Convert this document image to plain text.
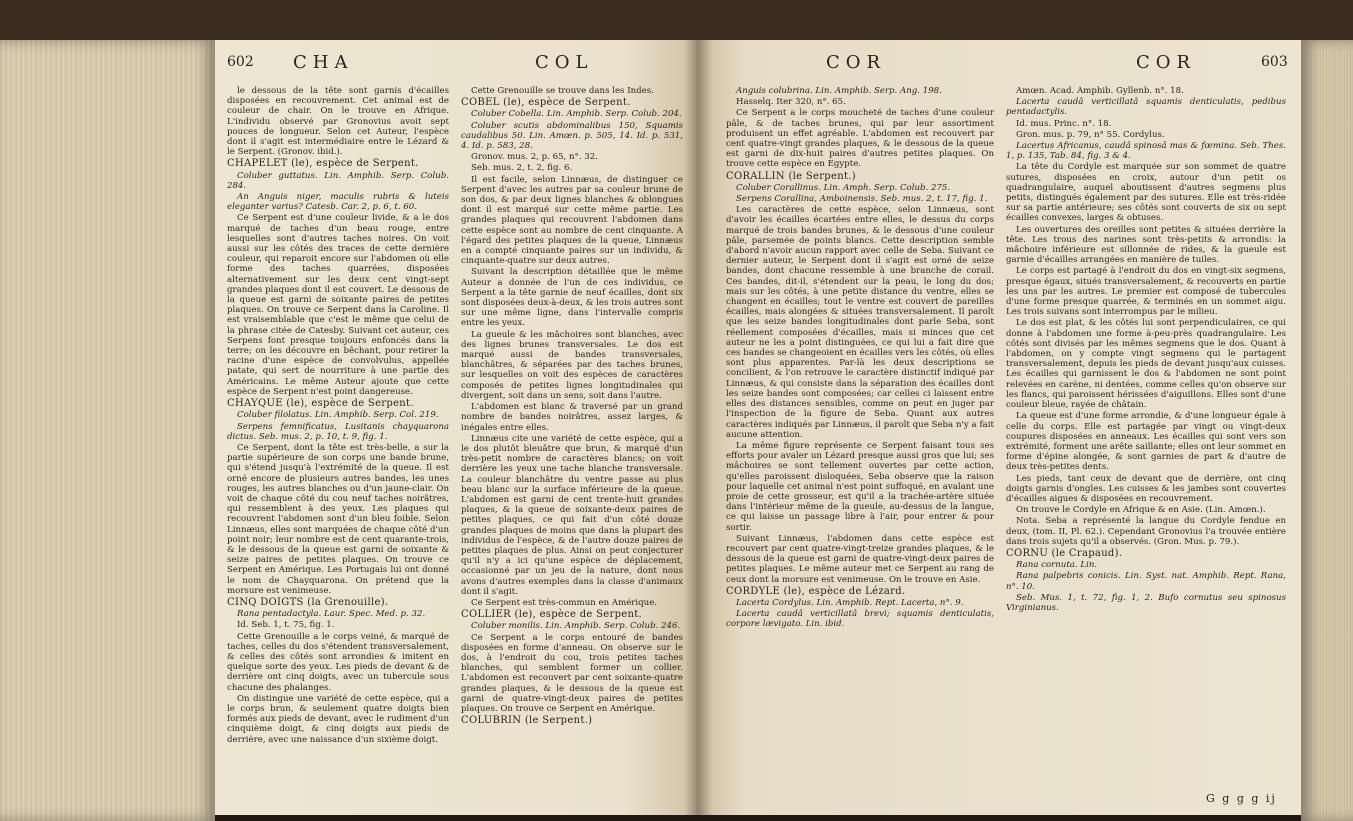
602 CHA	COL

le dessous de la tête sont garnis d'écailles disposées en recouvrement. Cet animal est de couleur de chair. On le trouve en Afrique. L'individu observé par Gronovius avoit sept pouces de longueur. Selon cet Auteur, l'espèce dont il s'agit est intermédiaire entre le Lézard & le Serpent. (Gronov. ibid.).

CHAPELET (le), espèce de Serpent.

Coluber guttatus. Lin. Amphib. Serp. Colub. 284.

An Anguis niger, maculis rubris & luteis eleganter varius? Catesb. Car. 2, p. 6, t. 60.

Ce Serpent est d'une couleur livide, & a le dos marqué de taches d'un beau rouge, entre lesquelles sont d'autres taches noires. On voit aussi sur les côtés des traces de cette dernière couleur, qui reparoit encore sur l'abdomen où elle forme des taches quarrées, disposées alternativement sur les deux cent vingt-sept grandes plaques dont il est couvert. Le dessous de la queue est garni de soixante paires de petites plaques. On trouve ce Serpent dans la Caroline. Il est vraisemblable que c'est le même que celui de la phrase citée de Catesby. Suivant cet auteur, ces Serpens font presque toujours enfoncés dans la terre; on les découvre en bêchant, pour retirer la racine d'une espèce de convolvulus, appellée patate, qui sert de nourriture à une partie des Américains. Le même Auteur ajoute que cette espèce de Serpent n'est point dangereuse.

CHAYQUE (le), espèce de Serpent.

Coluber filolatus. Lin. Amphib. Serp. Col. 219.

Serpens femnificatus, Lusitanis chayquarona dictus. Seb. mus. 2, p. 10, t. 9, fig. 1.

Ce Serpent, dont la tête est très-belle, a sur la partie supérieure de son corps une bande brune, qui s'étend jusqu'à l'extrémité de la queue. Il est orné encore de plusieurs autres bandes, les unes rouges, les autres blanches ou d'un jaune-clair. On voit de chaque côté du cou neuf taches noirâtres, qui ressemblent à des yeux. Les plaques qui recouvrent l'abdomen sont d'un bleu foible. Selon Linnæus, elles sont marquées de chaque côté d'un point noir; leur nombre est de cent quarante-trois, & le dessous de la queue est garni de soixante & seize paires de petites plaques. On trouve ce Serpent en Amérique. Les Portugais lui ont donné le nom de Chayquarona. On prétend que la morsure est venimeuse.

CINQ DOIGTS (la Grenouille).

Rana pentadactyla. Laur. Spec. Med. p. 32.

Id. Seb. 1, t. 75, fig. 1.

Cette Grenouille a le corps veiné, & marqué de taches, celles du dos s'étendent transversalement, & celles des côtés sont arrondies & imitent en quelque sorte des yeux. Les pieds de devant & de derrière ont cinq doigts, avec un tubercule sous chacune des phalanges.

On distingue une variété de cette espèce, qui a le corps brun, & seulement quatre doigts bien formés aux pieds de devant, avec le rudiment d'un cinquième doigt, & cinq doigts aux pieds de derrière, avec une naissance d'un sixième doigt.

Cette Grenouille se trouve dans les Indes.

COBEL (le), espèce de Serpent.

Coluber Cobella. Lin. Amphib. Serp. Colub. 204.

Coluber scutis abdominalibus 150, Squamis caudalibus 50. Lin. Amœn. p. 505, 14. Id. p. 531, 4. Id. p. 583, 28.

Gronov. mus. 2, p. 65, n°. 32.

Seb. mus. 2, t. 2, fig. 6.

Il est facile, selon Linnæus, de distinguer ce Serpent d'avec les autres par sa couleur brune de son dos, & par deux lignes blanches & oblongues dont il est marqué sur cette même partie. Les grandes plaques qui recouvrent l'abdomen dans cette espèce sont au nombre de cent cinquante. A l'égard des petites plaques de la queue, Linnæus en a compté cinquante paires sur un individu, & cinquante-quatre sur deux autres.

Suivant la description détaillée que le même Auteur a donnée de l'un de ces individus, ce Serpent a la tête garnie de neuf écailles, dont six sont disposées deux-à-deux, & les trois autres sont sur une même ligne, dans l'intervalle compris entre les yeux.

La gueule & les mâchoires sont blanches, avec des lignes brunes transversales. Le dos est marqué aussi de bandes transversales, blanchâtres, & séparées par des taches brunes, sur lesquelles on voit des espèces de caractères composés de petites lignes longitudinales qui divergent, soit dans un sens, soit dans l'autre.

L'abdomen est blanc & traversé par un grand nombre de bandes noirâtres, assez larges, & inégales entre elles.

Linnæus cite une variété de cette espèce, qui a le dos plutôt bleuâtre que brun, & marqué d'un très-petit nombre de caractères blancs; on voit derrière les yeux une tache blanche transversale. La couleur blanchâtre du ventre passe au plus beau blanc sur la surface inférieure de la queue. L'abdomen est garni de cent trente-huit grandes plaques, & la queue de soixante-deux paires de petites plaques, ce qui fait d'un côté douze grandes plaques de moins que dans la plupart des individus de l'espèce, & de l'autre douze paires de petites plaques de plus. Ainsi on peut conjecturer qu'il n'y a ici qu'une espèce de déplacement, occasionné par un jeu de la nature, dont nous avons d'autres exemples dans la classe d'animaux dont il s'agit.

Ce Serpent est très-commun en Amérique.

COLLIER (le), espèce de Serpent.

Coluber monilis. Lin. Amphib. Serp. Colub. 246.

Ce Serpent a le corps entouré de bandes disposées en forme d'anneau. On observe sur le dos, à l'endroit du cou, trois petites taches blanches, qui semblent former un collier. L'abdomen est recouvert par cent soixante-quatre grandes plaques, & le dessous de la queue est garni de quatre-vingt-deux paires de petites plaques. On trouve ce Serpent en Amérique.

COLUBRIN (le Serpent.)

COR	COR	603

Anguis colubrina. Lin. Amphib. Serp. Ang. 198.

Hasselq. Iter 320, n°. 65.

Ce Serpent a le corps moucheté de taches d'une couleur pâle, & de taches brunes, qui par leur assortiment produisent un effet agréable. L'abdomen est recouvert par cent quatre-vingt grandes plaques, & le dessous de la queue est garni de dix-huit paires d'autres petites plaques. On trouve cette espèce en Egypte.

CORALLIN (le Serpent.)

Coluber Corallinus. Lin. Amph. Serp. Colub. 275.

Serpens Corallina, Amboinensis. Seb. mus. 2, t. 17, fig. 1.

Les caractères de cette espèce, selon Linnæus, sont d'avoir les écailles écartées entre elles, le dessus du corps marqué de trois bandes brunes, & le dessous d'une couleur pâle, parsemée de points blancs. Cette description semble d'abord n'avoir aucun rapport avec celle de Seba. Suivant ce dernier auteur, le Serpent dont il s'agit est orné de seize bandes, dont chacune ressemble à une branche de corail. Ces bandes, dit-il, s'étendent sur la peau, le long du dos; mais sur les côtés, à une petite distance du ventre, elles se changent en écailles; tout le ventre est couvert de pareilles écailles, mais alongées & situées transversalement. Il paroît que les seize bandes longitudinales dont parle Seba, sont réellement composées d'écailles, mais si minces que cet auteur ne les a point distinguées, ce qui lui a fait dire que ces bandes se changeoient en écailles vers les côtés, où elles sont plus apparentes. Par-là les deux descriptions se concilient, & l'on retrouve le caractère distinctif indiqué par Linnæus, & qui consiste dans la séparation des écailles dont les seize bandes sont composées; car celles ci laissent entre elles des distances sensibles, comme on peut en juger par l'inspection de la figure de Seba. Quant aux autres caractères indiqués par Linnæus, il paroît que Seba n'y a fait aucune attention.

La même figure représente ce Serpent faisant tous ses efforts pour avaler un Lézard presque aussi gros que lui; ses mâchoires se sont tellement ouvertes par cette action, qu'elles paroissent disloquées, Seba observe que la raison pour laquelle cet animal n'est point suffoqué, en avalant une proie de cette grosseur, est qu'il a la trachée-artère située dans l'intérieur même de la gueule, au-dessus de la langue, ce qui laisse un passage libre à l'air, pour entrer & pour sortir.

Suivant Linnæus, l'abdomen dans cette espèce est recouvert par cent quatre-vingt-treize grandes plaques, & le dessous de la queue est garni de quatre-vingt-deux paires de petites plaques. Le même auteur met ce Serpent au rang de ceux dont la morsure est venimeuse. On le trouve en Asie.

CORDYLE (le), espèce de Lézard.

Lacerta Cordylus. Lin. Amphib. Rept. Lacerta, n°. 9.

Lacerta caudâ verticillatâ brevi; squamis denticulatis, corpore lævigato. Lin. ibid.

Amœn. Acad. Amphib. Gyllenb. n°. 18.

Lacerta caudâ verticillatâ squamis denticulatis, pedibus pentadactylis.

Id. mus. Princ. n°. 18.

Gron. mus. p. 79, n° 55. Cordylus.

Lacertus Africanus, caudâ spinosâ mas & fœmina. Seb. Thes. 1, p. 135, Tab. 84, fig. 3 & 4.

La tête du Cordyle est marquée sur son sommet de quatre sutures, disposées en croix, autour d'un petit os quadrangulaire, auquel aboutissent d'autres segmens plus petits, distingués également par des sutures. Elle est très-ridée sur sa partie antérieure; ses côtés sont couverts de six ou sept écailles convexes, larges & obtuses.

Les ouvertures des oreilles sont petites & situées derrière la tête. Les trous des narines sont très-petits & arrondis: la mâchoire inférieure est sillonnée de rides, & la gueule est garnie d'écailles arrangées en manière de tuiles.

Le corps est partagé à l'endroit du dos en vingt-six segmens, presque égaux, situés transversalement, & recouverts en partie les uns par les autres. Le premier est composé de tubercules d'une forme presque quarrée, & terminés en un sommet aigu. Les trois suivans sont interrompus par le milieu.

Le dos est plat, & les côtés lui sont perpendiculaires, ce qui donne à l'abdomen une forme à-peu-près quadrangulaire. Les côtés sont divisés par les mêmes segmens que le dos. Quant à l'abdomen, on y compte vingt segmens qui le partagent transversalement, depuis les pieds de devant jusqu'aux cuisses. Les écailles qui garnissent le dos & l'abdomen ne sont point relevées en carène, ni dentées, comme celles qu'on observe sur les flancs, qui paroissent hérissées d'aiguillons. Elles sont d'une couleur bleue, rayée de châtain.

La queue est d'une forme arrondie, & d'une longueur égale à celle du corps. Elle est partagée par vingt ou vingt-deux coupures disposées en anneaux. Les écailles qui sont vers son extrémité, forment une arête saillante; elles ont leur sommet en forme d'épine alongée, & sont garnies de part & d'autre de deux très-petites dents.

Les pieds, tant ceux de devant que de derrière, ont cinq doigts garnis d'ongles. Les cuisses & les jambes sont couvertes d'écailles aigues & disposées en recouvrement.

On trouve le Cordyle en Afrique & en Asie. (Lin. Amœn.).

Nota. Seba a représenté la langue du Cordyle fendue en deux, (tom. II, Pl. 62.). Cependant Gronovius l'a trouvée entière dans trois sujets qu'il a observés. (Gron. Mus. p. 79.).

CORNU (le Crapaud).

Rana cornuta. Lin.

Rana palpebris conicis. Lin. Syst. nat. Amphib. Rept. Rana, n°. 10.

Seb. Mus. 1, t. 72, fig. 1, 2. Bufo cornutus seu spinosus Virginianus.

G g g g ij
